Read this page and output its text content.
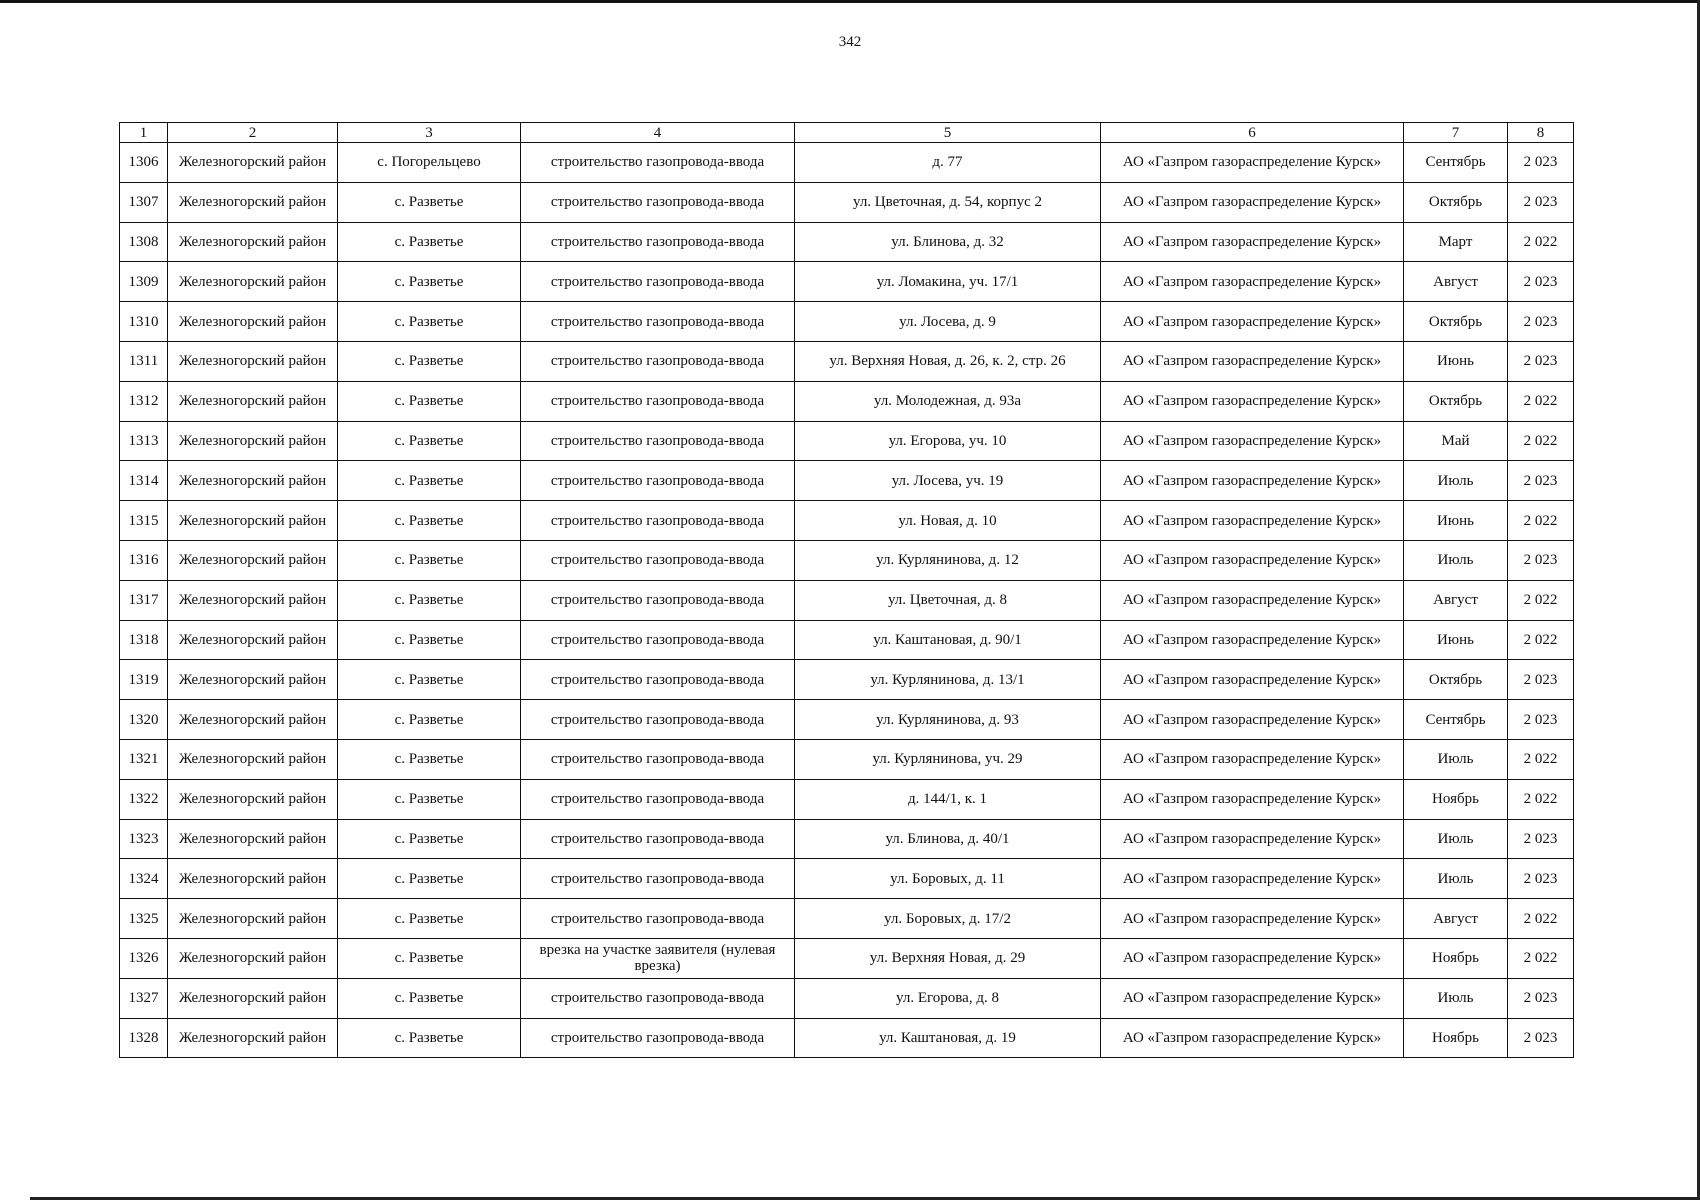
342
1	2	3	4	5	6	7	8
1306	Железногорский район	с. Погорельцево	строительство газопровода-ввода	д. 77	АО «Газпром газораспределение Курск»	Сентябрь	2 023
1307	Железногорский район	с. Разветье	строительство газопровода-ввода	ул. Цветочная, д. 54, корпус 2	АО «Газпром газораспределение Курск»	Октябрь	2 023
1308	Железногорский район	с. Разветье	строительство газопровода-ввода	ул. Блинова, д. 32	АО «Газпром газораспределение Курск»	Март	2 022
1309	Железногорский район	с. Разветье	строительство газопровода-ввода	ул. Ломакина, уч. 17/1	АО «Газпром газораспределение Курск»	Август	2 023
1310	Железногорский район	с. Разветье	строительство газопровода-ввода	ул. Лосева, д. 9	АО «Газпром газораспределение Курск»	Октябрь	2 023
1311	Железногорский район	с. Разветье	строительство газопровода-ввода	ул. Верхняя Новая, д. 26, к. 2, стр. 26	АО «Газпром газораспределение Курск»	Июнь	2 023
1312	Железногорский район	с. Разветье	строительство газопровода-ввода	ул. Молодежная, д. 93а	АО «Газпром газораспределение Курск»	Октябрь	2 022
1313	Железногорский район	с. Разветье	строительство газопровода-ввода	ул. Егорова, уч. 10	АО «Газпром газораспределение Курск»	Май	2 022
1314	Железногорский район	с. Разветье	строительство газопровода-ввода	ул. Лосева, уч. 19	АО «Газпром газораспределение Курск»	Июль	2 023
1315	Железногорский район	с. Разветье	строительство газопровода-ввода	ул. Новая, д. 10	АО «Газпром газораспределение Курск»	Июнь	2 022
1316	Железногорский район	с. Разветье	строительство газопровода-ввода	ул. Курлянинова, д. 12	АО «Газпром газораспределение Курск»	Июль	2 023
1317	Железногорский район	с. Разветье	строительство газопровода-ввода	ул. Цветочная, д. 8	АО «Газпром газораспределение Курск»	Август	2 022
1318	Железногорский район	с. Разветье	строительство газопровода-ввода	ул. Каштановая, д. 90/1	АО «Газпром газораспределение Курск»	Июнь	2 022
1319	Железногорский район	с. Разветье	строительство газопровода-ввода	ул. Курлянинова, д. 13/1	АО «Газпром газораспределение Курск»	Октябрь	2 023
1320	Железногорский район	с. Разветье	строительство газопровода-ввода	ул. Курлянинова, д. 93	АО «Газпром газораспределение Курск»	Сентябрь	2 023
1321	Железногорский район	с. Разветье	строительство газопровода-ввода	ул. Курлянинова, уч. 29	АО «Газпром газораспределение Курск»	Июль	2 022
1322	Железногорский район	с. Разветье	строительство газопровода-ввода	д. 144/1, к. 1	АО «Газпром газораспределение Курск»	Ноябрь	2 022
1323	Железногорский район	с. Разветье	строительство газопровода-ввода	ул. Блинова, д. 40/1	АО «Газпром газораспределение Курск»	Июль	2 023
1324	Железногорский район	с. Разветье	строительство газопровода-ввода	ул. Боровых, д. 11	АО «Газпром газораспределение Курск»	Июль	2 023
1325	Железногорский район	с. Разветье	строительство газопровода-ввода	ул. Боровых, д. 17/2	АО «Газпром газораспределение Курск»	Август	2 022
1326	Железногорский район	с. Разветье	врезка на участке заявителя (нулевая врезка)	ул. Верхняя Новая, д. 29	АО «Газпром газораспределение Курск»	Ноябрь	2 022
1327	Железногорский район	с. Разветье	строительство газопровода-ввода	ул. Егорова, д. 8	АО «Газпром газораспределение Курск»	Июль	2 023
1328	Железногорский район	с. Разветье	строительство газопровода-ввода	ул. Каштановая, д. 19	АО «Газпром газораспределение Курск»	Ноябрь	2 023
